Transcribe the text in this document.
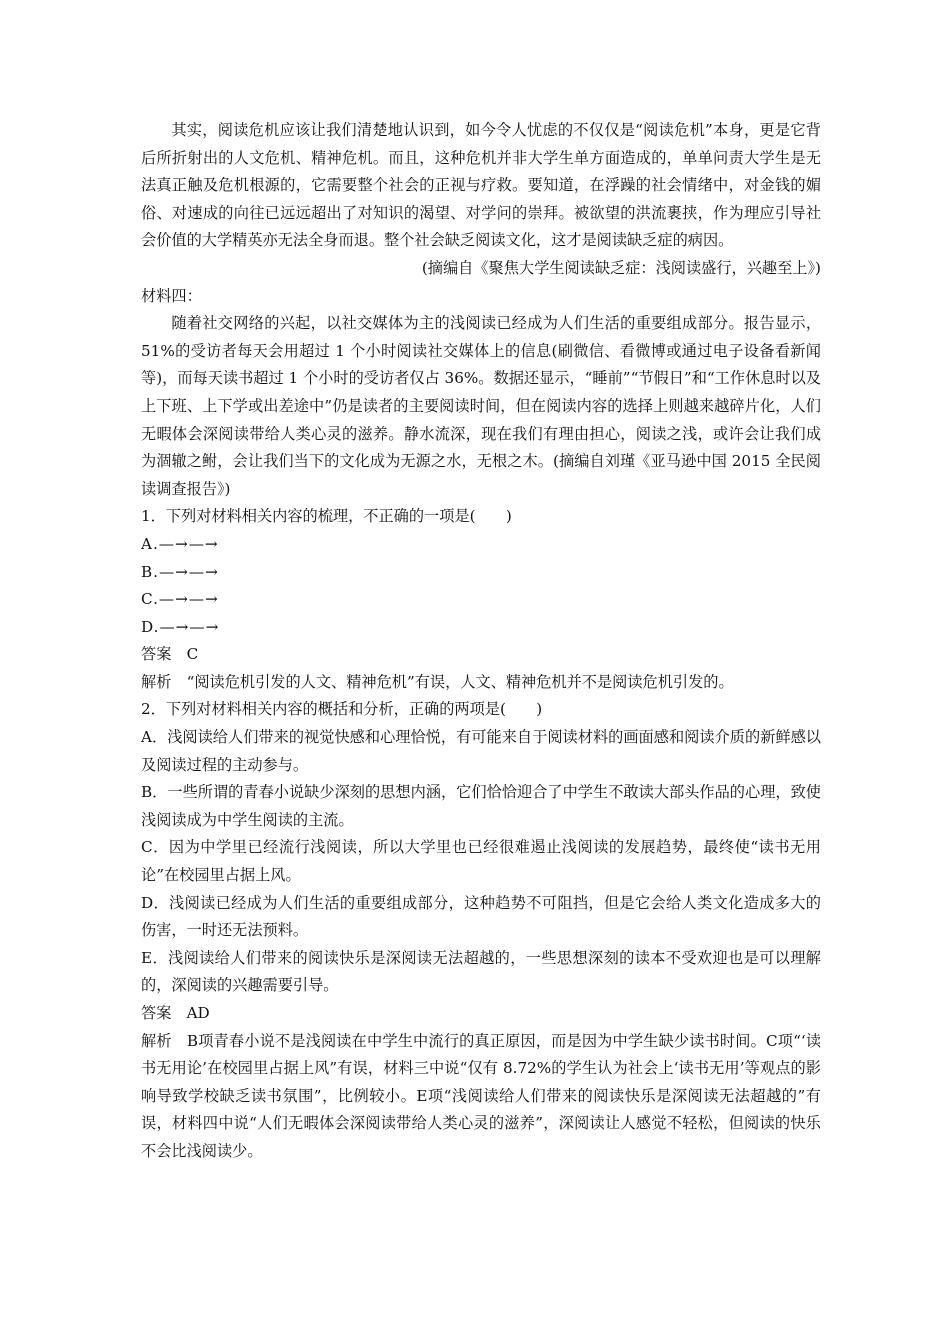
其实，阅读危机应该让我们清楚地认识到，如今令人忧虑的不仅仅是“阅读危机”本身，更是它背后所折射出的人文危机、精神危机。而且，这种危机并非大学生单方面造成的，单单问责大学生是无法真正触及危机根源的，它需要整个社会的正视与疗救。要知道，在浮躁的社会情绪中，对金钱的媚俗、对速成的向往已远远超出了对知识的渴望、对学问的崇拜。被欲望的洪流裹挟，作为理应引导社会价值的大学精英亦无法全身而退。整个社会缺乏阅读文化，这才是阅读缺乏症的病因。

(摘编自《聚焦大学生阅读缺乏症：浅阅读盛行，兴趣至上》)

材料四：

随着社交网络的兴起，以社交媒体为主的浅阅读已经成为人们生活的重要组成部分。报告显示，51%的受访者每天会用超过 1 个小时阅读社交媒体上的信息(刷微信、看微博或通过电子设备看新闻等)，而每天读书超过 1 个小时的受访者仅占 36%。数据还显示，“睡前”“节假日”和“工作休息时以及上下班、上下学或出差途中”仍是读者的主要阅读时间，但在阅读内容的选择上则越来越碎片化，人们无暇体会深阅读带给人类心灵的滋养。静水流深，现在我们有理由担心，阅读之浅，或许会让我们成为涸辙之鲋，会让我们当下的文化成为无源之水，无根之木。(摘编自刘瑾《亚马逊中国 2015 全民阅读调查报告》)

1．下列对材料相关内容的梳理，不正确的一项是(　　)

A.—→—→

B.—→—→

C.—→—→

D.—→—→

答案 C

解析 “阅读危机引发的人文、精神危机”有误，人文、精神危机并不是阅读危机引发的。

2．下列对材料相关内容的概括和分析，正确的两项是(　　)

A．浅阅读给人们带来的视觉快感和心理恰悦，有可能来自于阅读材料的画面感和阅读介质的新鲜感以及阅读过程的主动参与。

B．一些所谓的青春小说缺少深刻的思想内涵，它们恰恰迎合了中学生不敢读大部头作品的心理，致使浅阅读成为中学生阅读的主流。

C．因为中学里已经流行浅阅读，所以大学里也已经很难遏止浅阅读的发展趋势，最终使“读书无用论”在校园里占据上风。

D．浅阅读已经成为人们生活的重要组成部分，这种趋势不可阻挡，但是它会给人类文化造成多大的伤害，一时还无法预料。

E．浅阅读给人们带来的阅读快乐是深阅读无法超越的，一些思想深刻的读本不受欢迎也是可以理解的，深阅读的兴趣需要引导。

答案 AD

解析 B项青春小说不是浅阅读在中学生中流行的真正原因，而是因为中学生缺少读书时间。C项“‘读书无用论’在校园里占据上风”有误，材料三中说“仅有 8.72%的学生认为社会上‘读书无用’等观点的影响导致学校缺乏读书氛围”，比例较小。E项“浅阅读给人们带来的阅读快乐是深阅读无法超越的”有误，材料四中说“人们无暇体会深阅读带给人类心灵的滋养”，深阅读让人感觉不轻松，但阅读的快乐不会比浅阅读少。
